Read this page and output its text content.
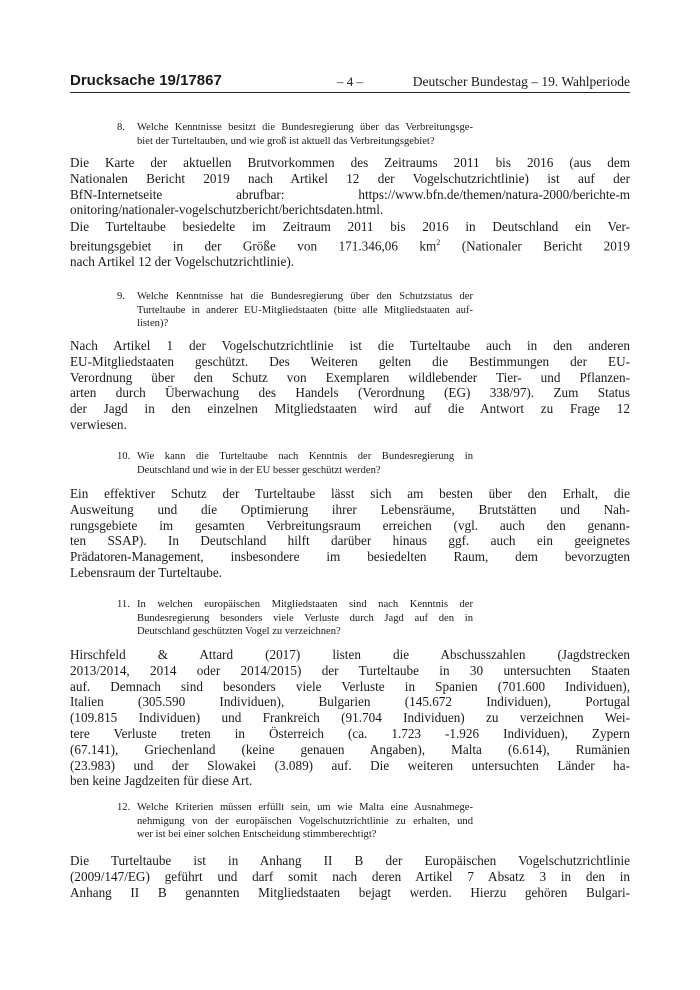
Drucksache 19/17867	– 4 –	Deutscher Bundestag – 19. Wahlperiode
8.	Welche Kenntnisse besitzt die Bundesregierung über das Verbreitungsge-
biet der Turteltauben, und wie groß ist aktuell das Verbreitungsgebiet?
Die Karte der aktuellen Brutvorkommen des Zeitraums 2011 bis 2016 (aus dem
Nationalen Bericht 2019 nach Artikel 12 der Vogelschutzrichtlinie) ist auf der
BfN-Internetseite abrufbar: https://www.bfn.de/themen/natura-2000/berichte-m
onitoring/nationaler-vogelschutzbericht/berichtsdaten.html.
Die Turteltaube besiedelte im Zeitraum 2011 bis 2016 in Deutschland ein Ver-
breitungsgebiet in der Größe von 171.346,06 $km^2$ (Nationaler Bericht 2019
nach Artikel 12 der Vogelschutzrichtlinie).
9.	Welche Kenntnisse hat die Bundesregierung über den Schutzstatus der
Turteltaube in anderer EU-Mitgliedstaaten (bitte alle Mitgliedstaaten auf-
listen)?
Nach Artikel 1 der Vogelschutzrichtlinie ist die Turteltaube auch in den anderen
EU-Mitgliedstaaten geschützt. Des Weiteren gelten die Bestimmungen der EU-
Verordnung über den Schutz von Exemplaren wildlebender Tier- und Pflanzen-
arten durch Überwachung des Handels (Verordnung (EG) 338/97). Zum Status
der Jagd in den einzelnen Mitgliedstaaten wird auf die Antwort zu Frage 12
verwiesen.
10. Wie kann die Turteltaube nach Kenntnis der Bundesregierung in
Deutschland und wie in der EU besser geschützt werden?
Ein effektiver Schutz der Turteltaube lässt sich am besten über den Erhalt, die
Ausweitung und die Optimierung ihrer Lebensräume, Brutstätten und Nah-
rungsgebiete im gesamten Verbreitungsraum erreichen (vgl. auch den genann-
ten SSAP). In Deutschland hilft darüber hinaus ggf. auch ein geeignetes
Prädatoren-Management, insbesondere im besiedelten Raum, dem bevorzugten
Lebensraum der Turteltaube.
11. In welchen europäischen Mitgliedstaaten sind nach Kenntnis der
Bundesregierung besonders viele Verluste durch Jagd auf den in
Deutschland geschützten Vogel zu verzeichnen?
Hirschfeld & Attard (2017) listen die Abschusszahlen (Jagdstrecken
2013/2014, 2014 oder 2014/2015) der Turteltaube in 30 untersuchten Staaten
auf. Demnach sind besonders viele Verluste in Spanien (701.600 Individuen),
Italien (305.590 Individuen), Bulgarien (145.672 Individuen), Portugal
(109.815 Individuen) und Frankreich (91.704 Individuen) zu verzeichnen Wei-
tere Verluste treten in Österreich (ca. 1.723 -1.926 Individuen), Zypern
(67.141), Griechenland (keine genauen Angaben), Malta (6.614), Rumänien
(23.983) und der Slowakei (3.089) auf. Die weiteren untersuchten Länder ha-
ben keine Jagdzeiten für diese Art.
12. Welche Kriterien müssen erfüllt sein, um wie Malta eine Ausnahmege-
nehmigung von der europäischen Vogelschutzrichtlinie zu erhalten, und
wer ist bei einer solchen Entscheidung stimmberechtigt?
Die Turteltaube ist in Anhang II B der Europäischen Vogelschutzrichtlinie
(2009/147/EG) geführt und darf somit nach deren Artikel 7 Absatz 3 in den in
Anhang II B genannten Mitgliedstaaten bejagt werden. Hierzu gehören Bulgari-
